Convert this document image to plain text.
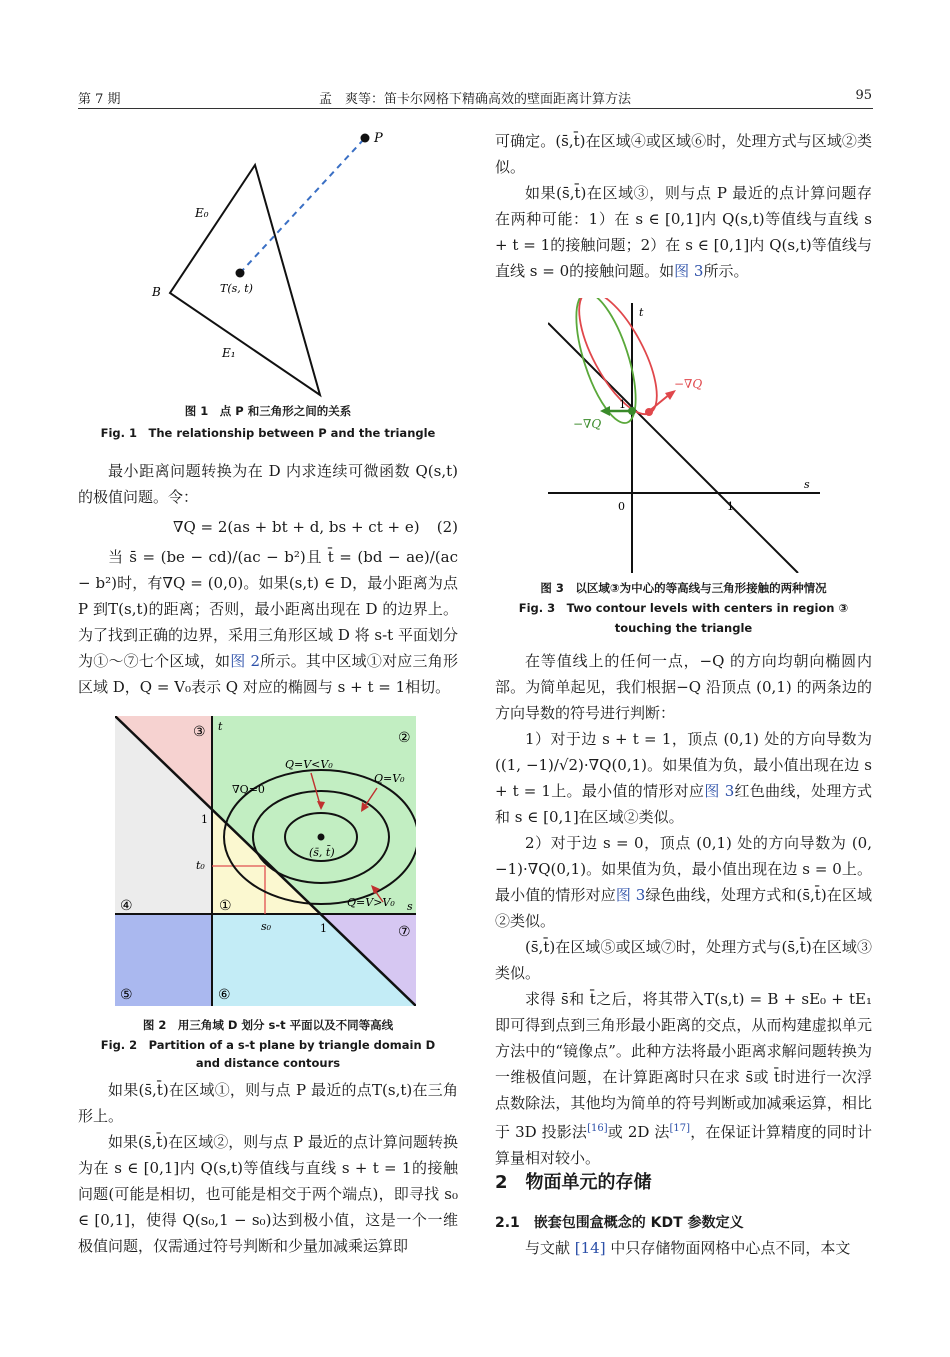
第 7 期	孟　爽等：笛卡尔网格下精确高效的壁面距离计算方法	95
P
E₀
B	T(s, t)
E₁
图 1　点 P 和三角形之间的关系
Fig. 1　The relationship between P and the triangle

最小距离问题转换为在 D 内求连续可微函数 Q(s,t)的极值问题。令：

∇Q = 2(as + bt + d, bs + ct + e) (2)

当 s̄ = (be − cd)/(ac − b²)且 t̄ = (bd − ae)/(ac − b²)时，有∇Q = (0,0)。如果(s,t) ∈ D，最小距离为点 P 到T(s,t)的距离；否则，最小距离出现在 D 的边界上。为了找到正确的边界，采用三角形区域 D 将 s-t 平面划分为①～⑦七个区域，如图 2所示。其中区域①对应三角形区域 D，Q = V₀表示 Q 对应的椭圆与 s + t = 1相切。

③	②
④	①
⑦
⑤	⑥
t
s
1
1
t₀
s₀
Q=V<V₀
Q=V₀
Q=V>V₀
∇Q=0
(s̄, t̄)
图 2　用三角域 D 划分 s-t 平面以及不同等高线
Fig. 2　Partition of a s-t plane by triangle domain D
and distance contours

如果(s̄,t̄)在区域①，则与点 P 最近的点T(s,t)在三角形上。

如果(s̄,t̄)在区域②，则与点 P 最近的点计算问题转换为在 s ∈ [0,1]内 Q(s,t)等值线与直线 s + t = 1的接触问题(可能是相切，也可能是相交于两个端点)，即寻找 s₀ ∈ [0,1]，使得 Q(s₀,1 − s₀)达到极小值，这是一个一维极值问题，仅需通过符号判断和少量加减乘运算即

可确定。(s̄,t̄)在区域④或区域⑥时，处理方式与区域②类似。

如果(s̄,t̄)在区域③，则与点 P 最近的点计算问题存在两种可能：1）在 s ∈ [0,1]内 Q(s,t)等值线与直线 s + t = 1的接触问题；2）在 s ∈ [0,1]内 Q(s,t)等值线与直线 s = 0的接触问题。如图 3所示。

t
s
0
1
1
−∇Q
−∇Q
图 3　以区域③为中心的等高线与三角形接触的两种情况
Fig. 3　Two contour levels with centers in region ③
touching the triangle

在等值线上的任何一点，−Q 的方向均朝向椭圆内部。为简单起见，我们根据−Q 沿顶点 (0,1) 的两条边的方向导数的符号进行判断：

1）对于边 s + t = 1，顶点 (0,1) 处的方向导数为 ((1, −1)/√2)·∇Q(0,1)。如果值为负，最小值出现在边 s + t = 1上。最小值的情形对应图 3红色曲线，处理方式和 s ∈ [0,1]在区域②类似。

2）对于边 s = 0，顶点 (0,1) 处的方向导数为 (0, −1)·∇Q(0,1)。如果值为负，最小值出现在边 s = 0上。最小值的情形对应图 3绿色曲线，处理方式和(s̄,t̄)在区域②类似。

(s̄,t̄)在区域⑤或区域⑦时，处理方式与(s̄,t̄)在区域③类似。

求得 s̄和 t̄之后，将其带入T(s,t) = B + sE₀ + tE₁即可得到点到三角形最小距离的交点，从而构建虚拟单元方法中的“镜像点”。此种方法将最小距离求解问题转换为一维极值问题，在计算距离时只在求 s̄或 t̄时进行一次浮点数除法，其他均为简单的符号判断或加减乘运算，相比于 3D 投影法[16]或 2D 法[17]，在保证计算精度的同时计算量相对较小。

2　物面单元的存储
2.1　嵌套包围盒概念的 KDT 参数定义

与文献 [14] 中只存储物面网格中心点不同，本文
